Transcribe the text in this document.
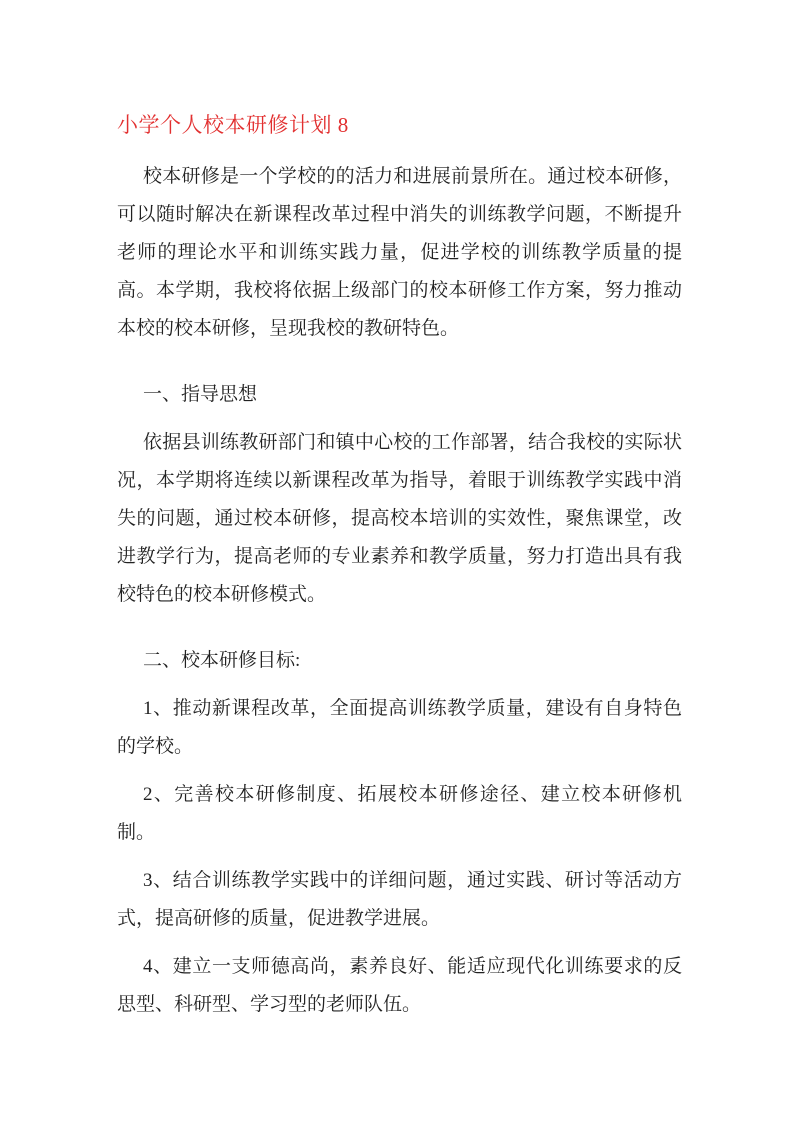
小学个人校本研修计划 8

校本研修是一个学校的的活力和进展前景所在。通过校本研修，可以随时解决在新课程改革过程中消失的训练教学问题，不断提升老师的理论水平和训练实践力量，促进学校的训练教学质量的提高。本学期，我校将依据上级部门的校本研修工作方案，努力推动本校的校本研修，呈现我校的教研特色。

一、指导思想

依据县训练教研部门和镇中心校的工作部署，结合我校的实际状况，本学期将连续以新课程改革为指导，着眼于训练教学实践中消失的问题，通过校本研修，提高校本培训的实效性，聚焦课堂，改进教学行为，提高老师的专业素养和教学质量，努力打造出具有我校特色的校本研修模式。

二、校本研修目标:

1、推动新课程改革，全面提高训练教学质量，建设有自身特色的学校。

2、完善校本研修制度、拓展校本研修途径、建立校本研修机制。

3、结合训练教学实践中的详细问题，通过实践、研讨等活动方式，提高研修的质量，促进教学进展。

4、建立一支师德高尚，素养良好、能适应现代化训练要求的反思型、科研型、学习型的老师队伍。
